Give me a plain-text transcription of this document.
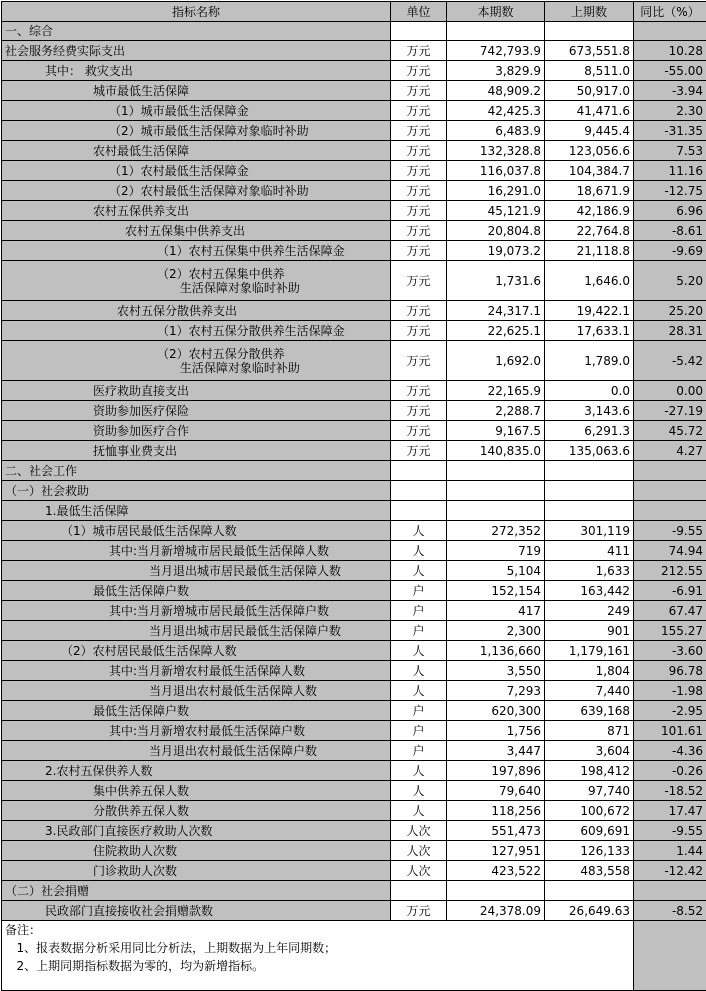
指标名称	单位	本期数	上期数	同比（%）
一、综合				
社会服务经费实际支出	万元	742,793.9	673,551.8	10.28
其中： 救灾支出	万元	3,829.9	8,511.0	-55.00
城市最低生活保障	万元	48,909.2	50,917.0	-3.94
（1）城市最低生活保障金	万元	42,425.3	41,471.6	2.30
（2）城市最低生活保障对象临时补助	万元	6,483.9	9,445.4	-31.35
农村最低生活保障	万元	132,328.8	123,056.6	7.53
（1）农村最低生活保障金	万元	116,037.8	104,384.7	11.16
（2）农村最低生活保障对象临时补助	万元	16,291.0	18,671.9	-12.75
农村五保供养支出	万元	45,121.9	42,186.9	6.96
农村五保集中供养支出	万元	20,804.8	22,764.8	-8.61
（1）农村五保集中供养生活保障金	万元	19,073.2	21,118.8	-9.69
（2）农村五保集中供养
生活保障对象临时补助	万元	1,731.6	1,646.0	5.20
农村五保分散供养支出	万元	24,317.1	19,422.1	25.20
（1）农村五保分散供养生活保障金	万元	22,625.1	17,633.1	28.31
（2）农村五保分散供养
生活保障对象临时补助	万元	1,692.0	1,789.0	-5.42
医疗救助直接支出	万元	22,165.9	0.0	0.00
资助参加医疗保险	万元	2,288.7	3,143.6	-27.19
资助参加医疗合作	万元	9,167.5	6,291.3	45.72
抚恤事业费支出	万元	140,835.0	135,063.6	4.27
二、社会工作				
（一）社会救助				
1.最低生活保障				
（1）城市居民最低生活保障人数	人	272,352	301,119	-9.55
其中:当月新增城市居民最低生活保障人数	人	719	411	74.94
当月退出城市居民最低生活保障人数	人	5,104	1,633	212.55
最低生活保障户数	户	152,154	163,442	-6.91
其中:当月新增城市居民最低生活保障户数	户	417	249	67.47
当月退出城市居民最低生活保障户数	户	2,300	901	155.27
（2）农村居民最低生活保障人数	人	1,136,660	1,179,161	-3.60
其中:当月新增农村最低生活保障人数	人	3,550	1,804	96.78
当月退出农村最低生活保障人数	人	7,293	7,440	-1.98
最低生活保障户数	户	620,300	639,168	-2.95
其中:当月新增农村最低生活保障户数	户	1,756	871	101.61
当月退出农村最低生活保障户数	户	3,447	3,604	-4.36
2.农村五保供养人数	人	197,896	198,412	-0.26
集中供养五保人数	人	79,640	97,740	-18.52
分散供养五保人数	人	118,256	100,672	17.47
3.民政部门直接医疗救助人次数	人次	551,473	609,691	-9.55
住院救助人次数	人次	127,951	126,133	1.44
门诊救助人次数	人次	423,522	483,558	-12.42
（二）社会捐赠				
民政部门直接接收社会捐赠款数	万元	24,378.09	26,649.63	-8.52

备注：
1、报表数据分析采用同比分析法，上期数据为上年同期数；
2、上期同期指标数据为零的，均为新增指标。				
